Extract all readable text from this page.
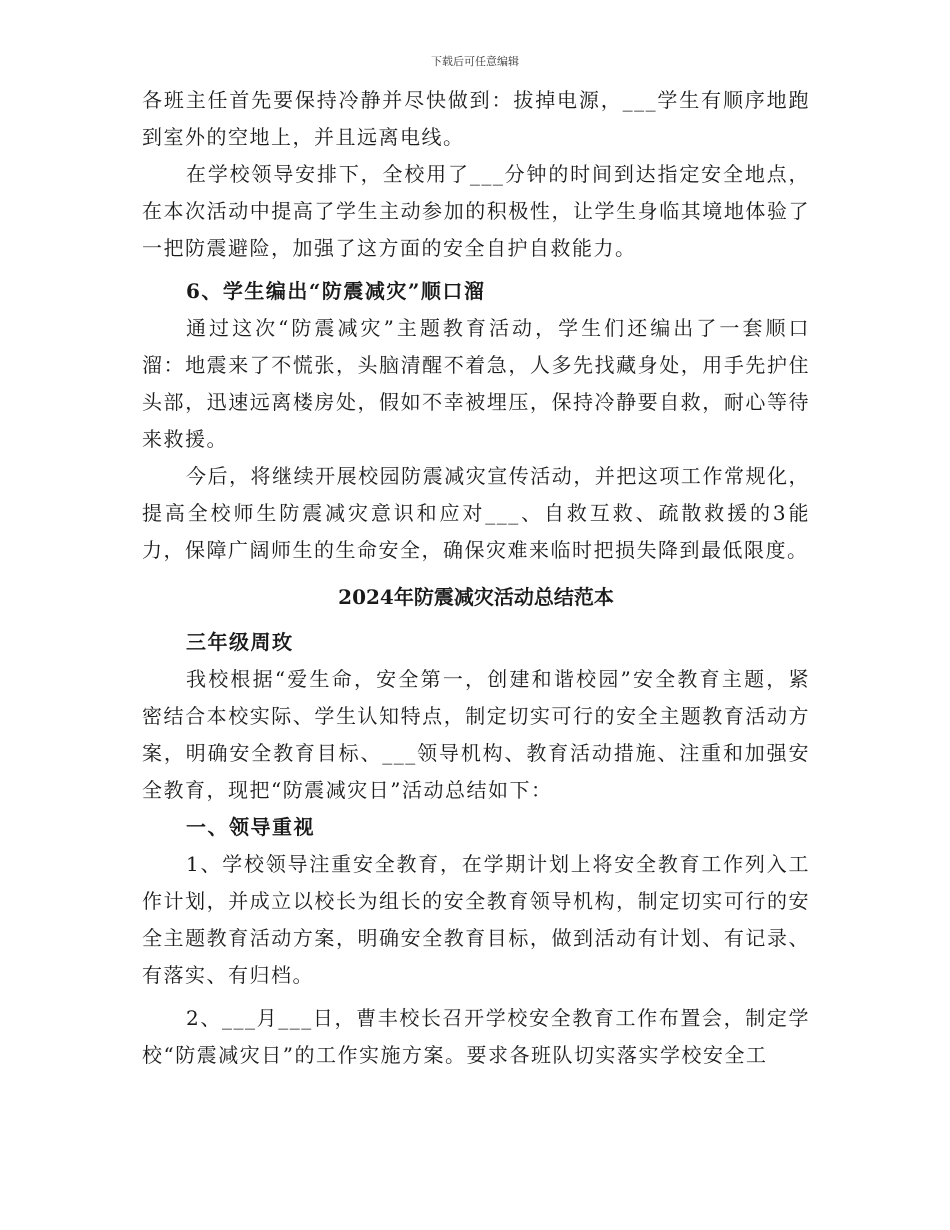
下载后可任意编辑

各班主任首先要保持冷静并尽快做到：拔掉电源，___学生有顺序地跑到室外的空地上，并且远离电线。

在学校领导安排下，全校用了___分钟的时间到达指定安全地点，在本次活动中提高了学生主动参加的积极性，让学生身临其境地体验了一把防震避险，加强了这方面的安全自护自救能力。

6、学生编出“防震减灾”顺口溜

通过这次“防震减灾”主题教育活动，学生们还编出了一套顺口溜：地震来了不慌张，头脑清醒不着急，人多先找藏身处，用手先护住头部，迅速远离楼房处，假如不幸被埋压，保持冷静要自救，耐心等待来救援。

今后，将继续开展校园防震减灾宣传活动，并把这项工作常规化，提高全校师生防震减灾意识和应对___、自救互救、疏散救援的3能力，保障广阔师生的生命安全，确保灾难来临时把损失降到最低限度。

2024年防震减灾活动总结范本

三年级周玫

我校根据“爱生命，安全第一，创建和谐校园”安全教育主题，紧密结合本校实际、学生认知特点，制定切实可行的安全主题教育活动方案，明确安全教育目标、___领导机构、教育活动措施、注重和加强安全教育，现把“防震减灾日”活动总结如下：

一、领导重视

1、学校领导注重安全教育，在学期计划上将安全教育工作列入工作计划，并成立以校长为组长的安全教育领导机构，制定切实可行的安全主题教育活动方案，明确安全教育目标，做到活动有计划、有记录、有落实、有归档。

2、___月___日，曹丰校长召开学校安全教育工作布置会，制定学校“防震减灾日”的工作实施方案。要求各班队切实落实学校安全工
